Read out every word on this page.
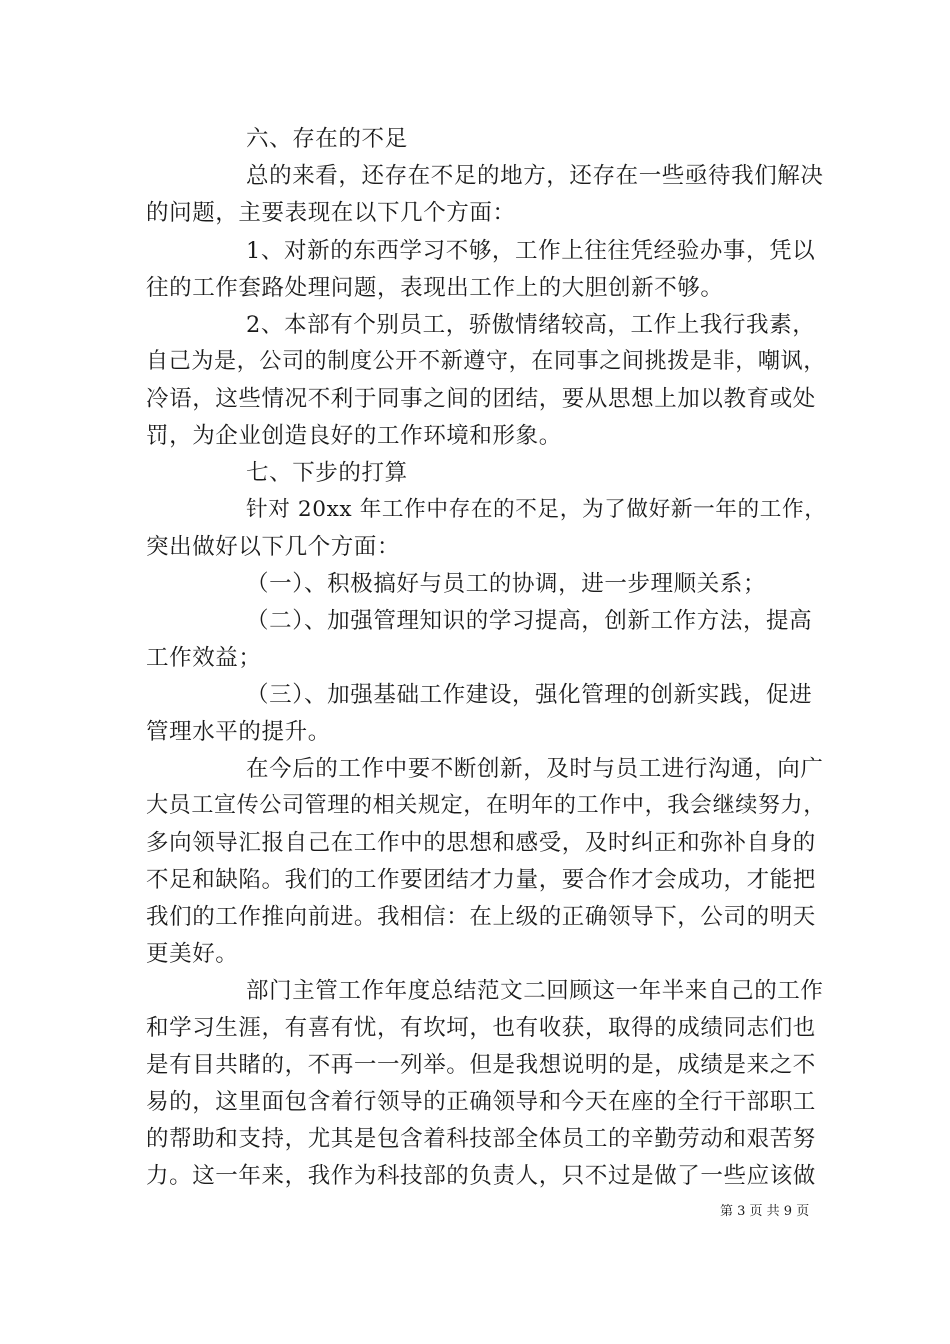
六、存在的不足
总的来看，还存在不足的地方，还存在一些亟待我们解决
的问题，主要表现在以下几个方面：
1、对新的东西学习不够，工作上往往凭经验办事，凭以
往的工作套路处理问题，表现出工作上的大胆创新不够。
2、本部有个别员工，骄傲情绪较高，工作上我行我素，
自己为是，公司的制度公开不新遵守，在同事之间挑拨是非，嘲讽，
冷语，这些情况不利于同事之间的团结，要从思想上加以教育或处
罚，为企业创造良好的工作环境和形象。
七、下步的打算
针对 20xx 年工作中存在的不足，为了做好新一年的工作，
突出做好以下几个方面：
（一）、积极搞好与员工的协调，进一步理顺关系；
（二）、加强管理知识的学习提高，创新工作方法，提高
工作效益；
（三）、加强基础工作建设，强化管理的创新实践，促进
管理水平的提升。
在今后的工作中要不断创新，及时与员工进行沟通，向广
大员工宣传公司管理的相关规定，在明年的工作中，我会继续努力，
多向领导汇报自己在工作中的思想和感受，及时纠正和弥补自身的
不足和缺陷。我们的工作要团结才力量，要合作才会成功，才能把
我们的工作推向前进。我相信：在上级的正确领导下，公司的明天
更美好。
部门主管工作年度总结范文二回顾这一年半来自己的工作
和学习生涯，有喜有忧，有坎坷，也有收获，取得的成绩同志们也
是有目共睹的，不再一一列举。但是我想说明的是，成绩是来之不
易的，这里面包含着行领导的正确领导和今天在座的全行干部职工
的帮助和支持，尤其是包含着科技部全体员工的辛勤劳动和艰苦努
力。这一年来，我作为科技部的负责人，只不过是做了一些应该做
第 3 页 共 9 页
